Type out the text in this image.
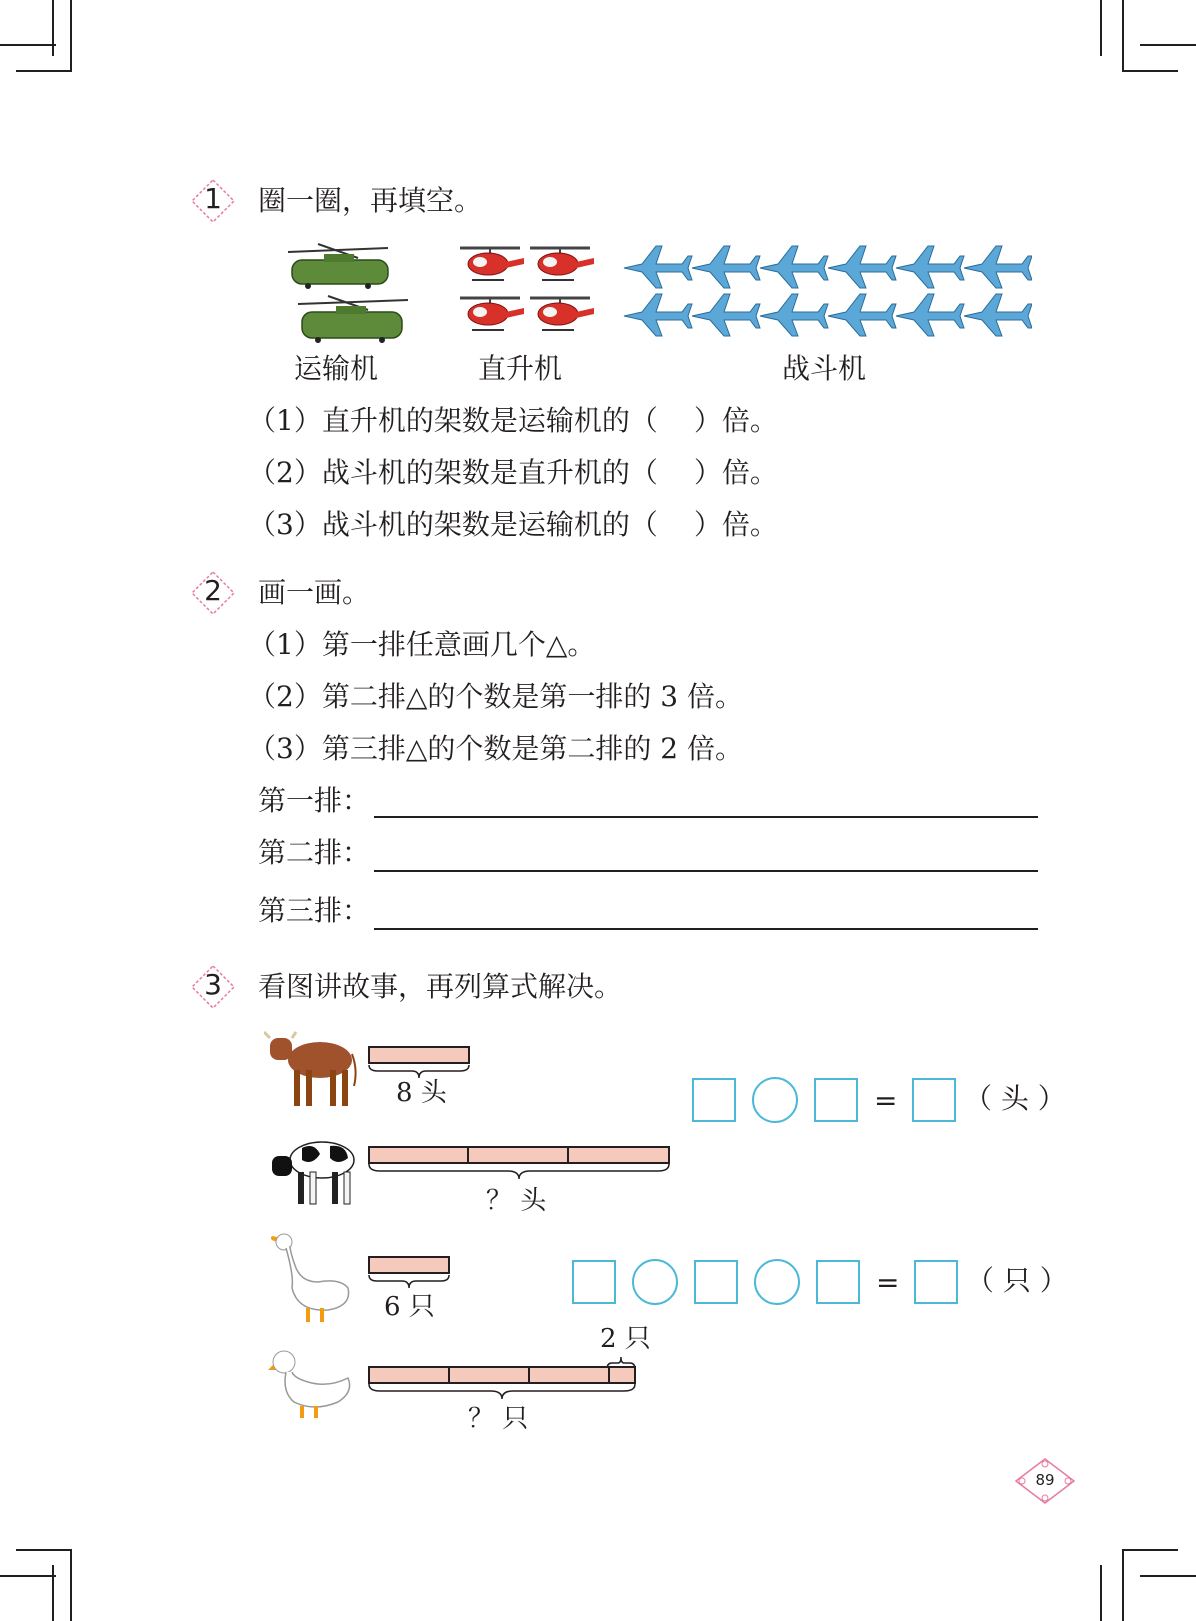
1	圈一圈，再填空。
运输机	直升机	战斗机
（1）直升机的架数是运输机的（ ）倍。
（2）战斗机的架数是直升机的（ ）倍。
（3）战斗机的架数是运输机的（ ）倍。
2	画一画。
（1）第一排任意画几个△。
（2）第二排△的个数是第一排的 3 倍。
（3）第三排△的个数是第二排的 2 倍。
第一排：
第二排：
第三排：
3	看图讲故事，再列算式解决。
8 头
？ 头
= （ 头 ）
6 只
2 只
？ 只
= （ 只 ）
89
